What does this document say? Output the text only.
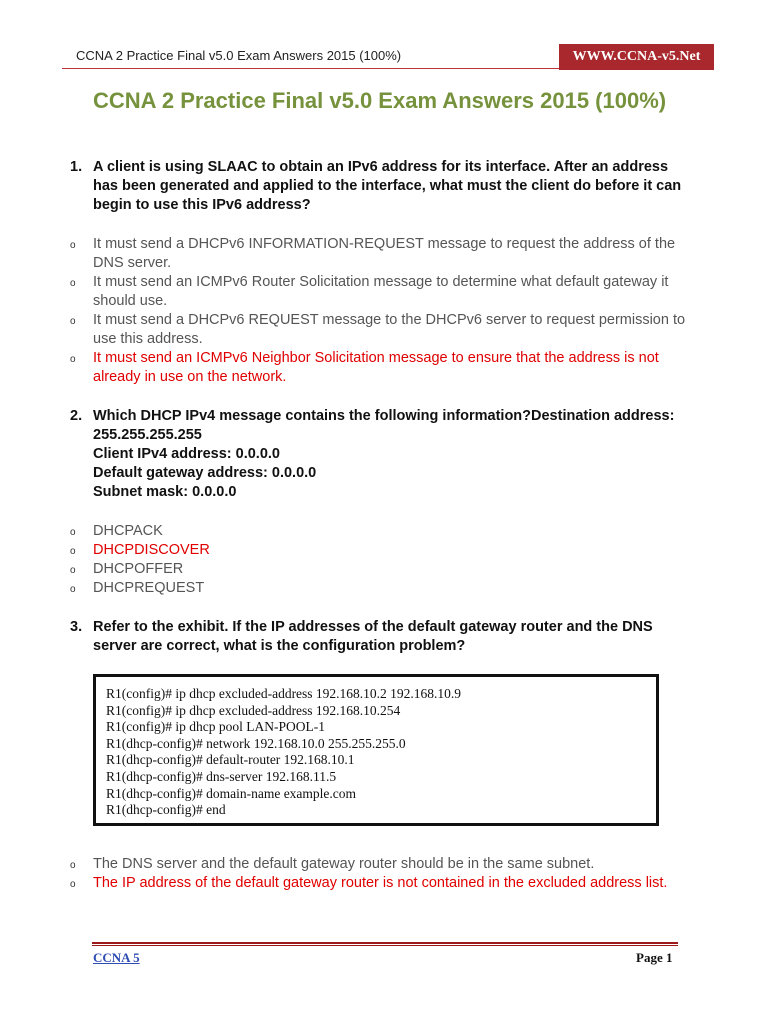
CCNA 2 Practice Final v5.0 Exam Answers 2015 (100%)	WWW.CCNA-v5.Net
CCNA 2 Practice Final v5.0 Exam Answers 2015 (100%)
1. A client is using SLAAC to obtain an IPv6 address for its interface. After an address has been generated and applied to the interface, what must the client do before it can begin to use this IPv6 address?
o It must send a DHCPv6 INFORMATION-REQUEST message to request the address of the DNS server.
o It must send an ICMPv6 Router Solicitation message to determine what default gateway it should use.
o It must send a DHCPv6 REQUEST message to the DHCPv6 server to request permission to use this address.
o It must send an ICMPv6 Neighbor Solicitation message to ensure that the address is not already in use on the network.
2. Which DHCP IPv4 message contains the following information?Destination address: 255.255.255.255
Client IPv4 address: 0.0.0.0
Default gateway address: 0.0.0.0
Subnet mask: 0.0.0.0
o DHCPACK
o DHCPDISCOVER
o DHCPOFFER
o DHCPREQUEST
3. Refer to the exhibit. If the IP addresses of the default gateway router and the DNS server are correct, what is the configuration problem?
R1(config)# ip dhcp excluded-address 192.168.10.2 192.168.10.9
R1(config)# ip dhcp excluded-address 192.168.10.254
R1(config)# ip dhcp pool LAN-POOL-1
R1(dhcp-config)# network 192.168.10.0 255.255.255.0
R1(dhcp-config)# default-router 192.168.10.1
R1(dhcp-config)# dns-server 192.168.11.5
R1(dhcp-config)# domain-name example.com
R1(dhcp-config)# end
o The DNS server and the default gateway router should be in the same subnet.
o The IP address of the default gateway router is not contained in the excluded address list.
CCNA 5	Page 1
